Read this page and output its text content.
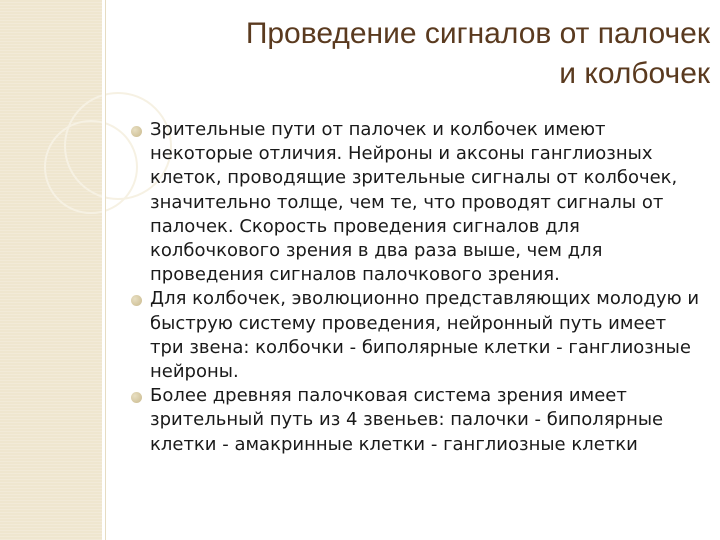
Проведение сигналов от палочек
и колбочек
Зрительные пути от палочек и колбочек имеют некоторые отличия. Нейроны и аксоны ганглиозных клеток, проводящие зрительные сигналы от колбочек, значительно толще, чем те, что проводят сигналы от палочек. Скорость проведения сигналов для колбочкового зрения в два раза выше, чем для проведения сигналов палочкового зрения.
Для колбочек, эволюционно представляющих молодую и быструю систему проведения, нейронный путь имеет три звена: колбочки - биполярные клетки - ганглиозные нейроны.
Более древняя палочковая система зрения имеет зрительный путь из 4 звеньев: палочки - биполярные клетки - амакринные клетки - ганглиозные клетки
